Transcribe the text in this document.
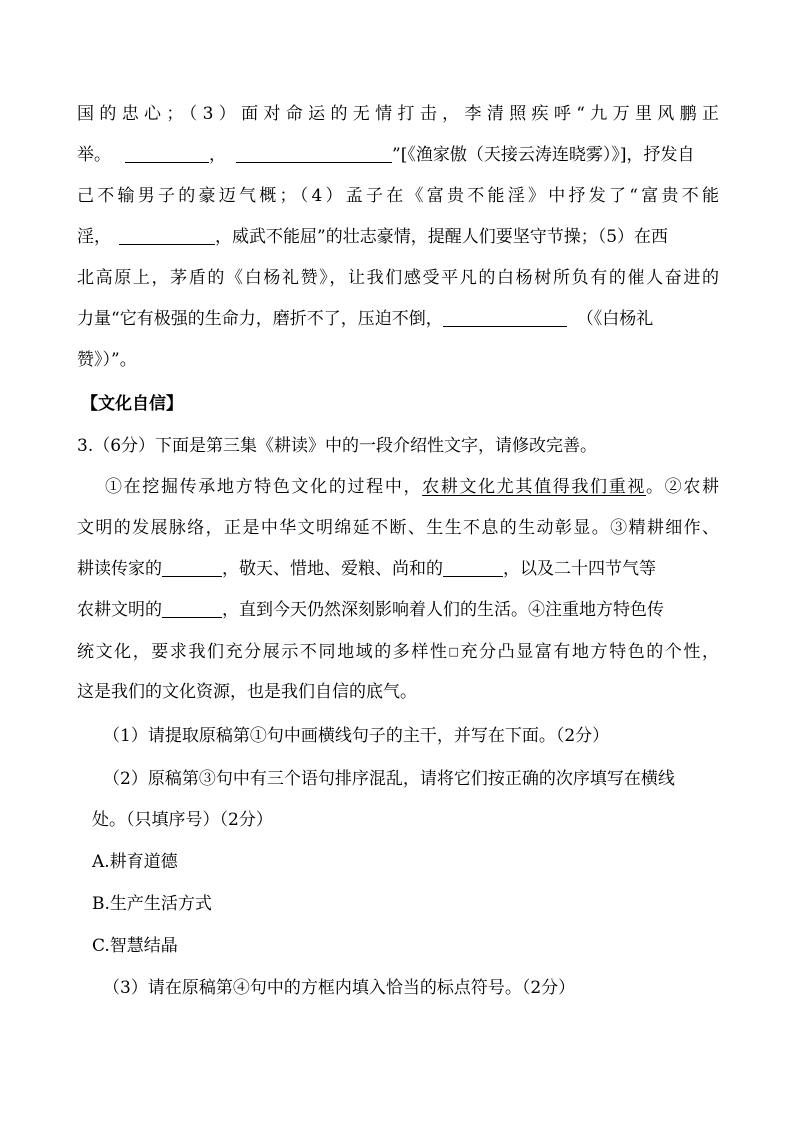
国的忠心；（3）面对命运的无情打击，李清照疾呼“九万里风鹏正
举。	，	”[《渔家傲（天接云涛连晓雾）》]，抒发自
己不输男子的豪迈气概；（4）孟子在《富贵不能淫》中抒发了“富贵不能
淫，	，威武不能屈”的壮志豪情，提醒人们要坚守节操；（5）在西
北高原上，茅盾的《白杨礼赞》，让我们感受平凡的白杨树所负有的催人奋进的
力量“它有极强的生命力，磨折不了，压迫不倒，	（《白杨礼
赞》）”。
【文化自信】
3.（6分）下面是第三集《耕读》中的一段介绍性文字，请修改完善。
①在挖掘传承地方特色文化的过程中，农耕文化尤其值得我们重视。②农耕
文明的发展脉络，正是中华文明绵延不断、生生不息的生动彰显。③精耕细作、
耕读传家的	，敬天、惜地、爱粮、尚和的	，以及二十四节气等
农耕文明的	，直到今天仍然深刻影响着人们的生活。④注重地方特色传
统文化，要求我们充分展示不同地域的多样性□充分凸显富有地方特色的个性，
这是我们的文化资源，也是我们自信的底气。
（1）请提取原稿第①句中画横线句子的主干，并写在下面。（2分）
（2）原稿第③句中有三个语句排序混乱，请将它们按正确的次序填写在横线
处。（只填序号）（2分）
A.耕育道德
B.生产生活方式
C.智慧结晶
（3）请在原稿第④句中的方框内填入恰当的标点符号。（2分）
